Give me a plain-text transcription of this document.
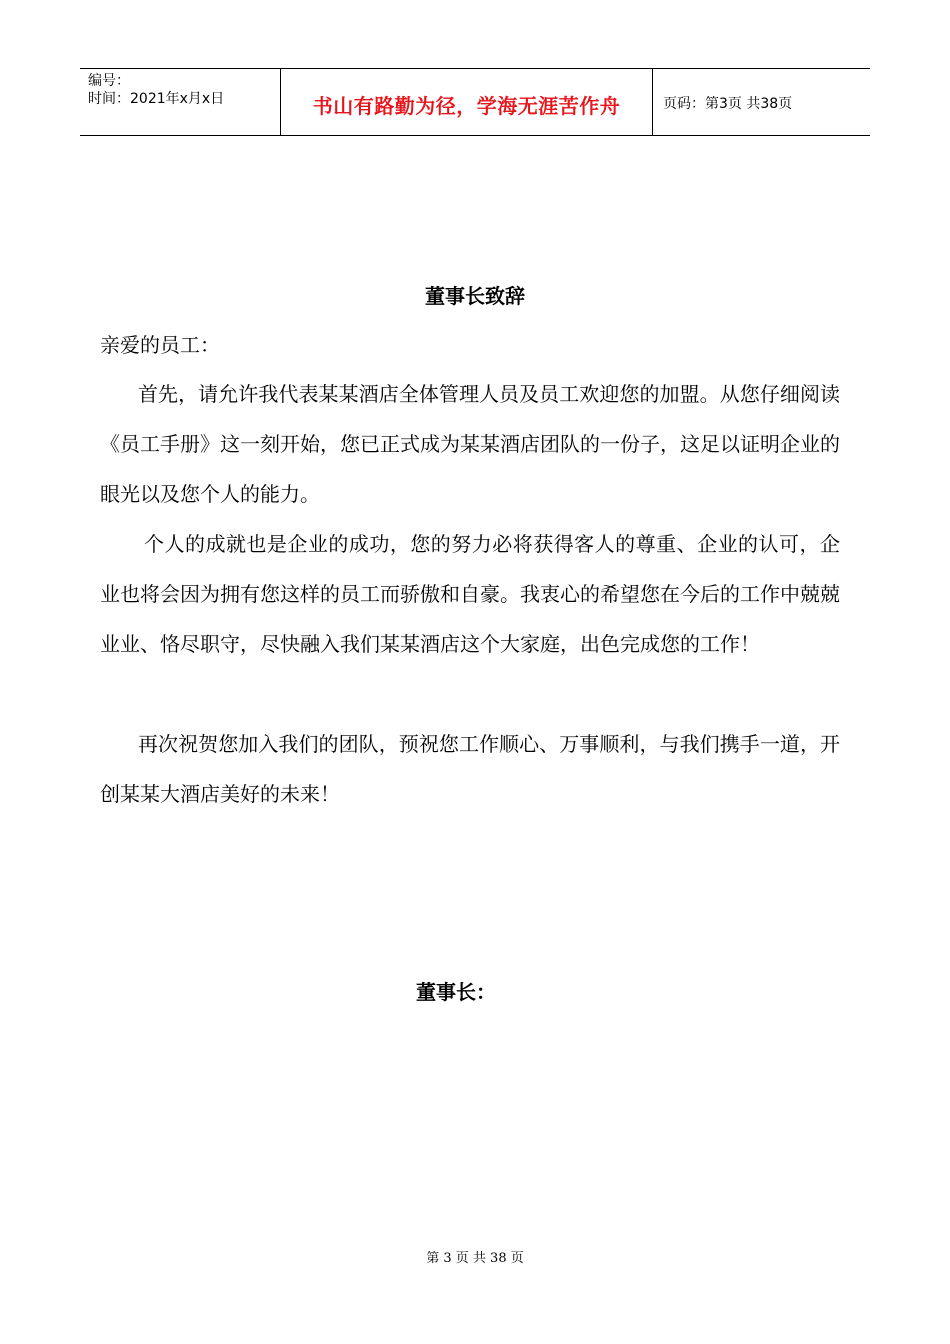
编号：
时间：2021年x月x日	书山有路勤为径，学海无涯苦作舟	页码：第3页 共38页
董事长致辞

亲爱的员工：

首先，请允许我代表某某酒店全体管理人员及员工欢迎您的加盟。从您仔细阅读《员工手册》这一刻开始，您已正式成为某某酒店团队的一份子，这足以证明企业的眼光以及您个人的能力。

个人的成就也是企业的成功，您的努力必将获得客人的尊重、企业的认可，企业也将会因为拥有您这样的员工而骄傲和自豪。我衷心的希望您在今后的工作中兢兢业业、恪尽职守，尽快融入我们某某酒店这个大家庭，出色完成您的工作！

再次祝贺您加入我们的团队，预祝您工作顺心、万事顺利，与我们携手一道，开创某某大酒店美好的未来！

董事长：
第 3 页 共 38 页
